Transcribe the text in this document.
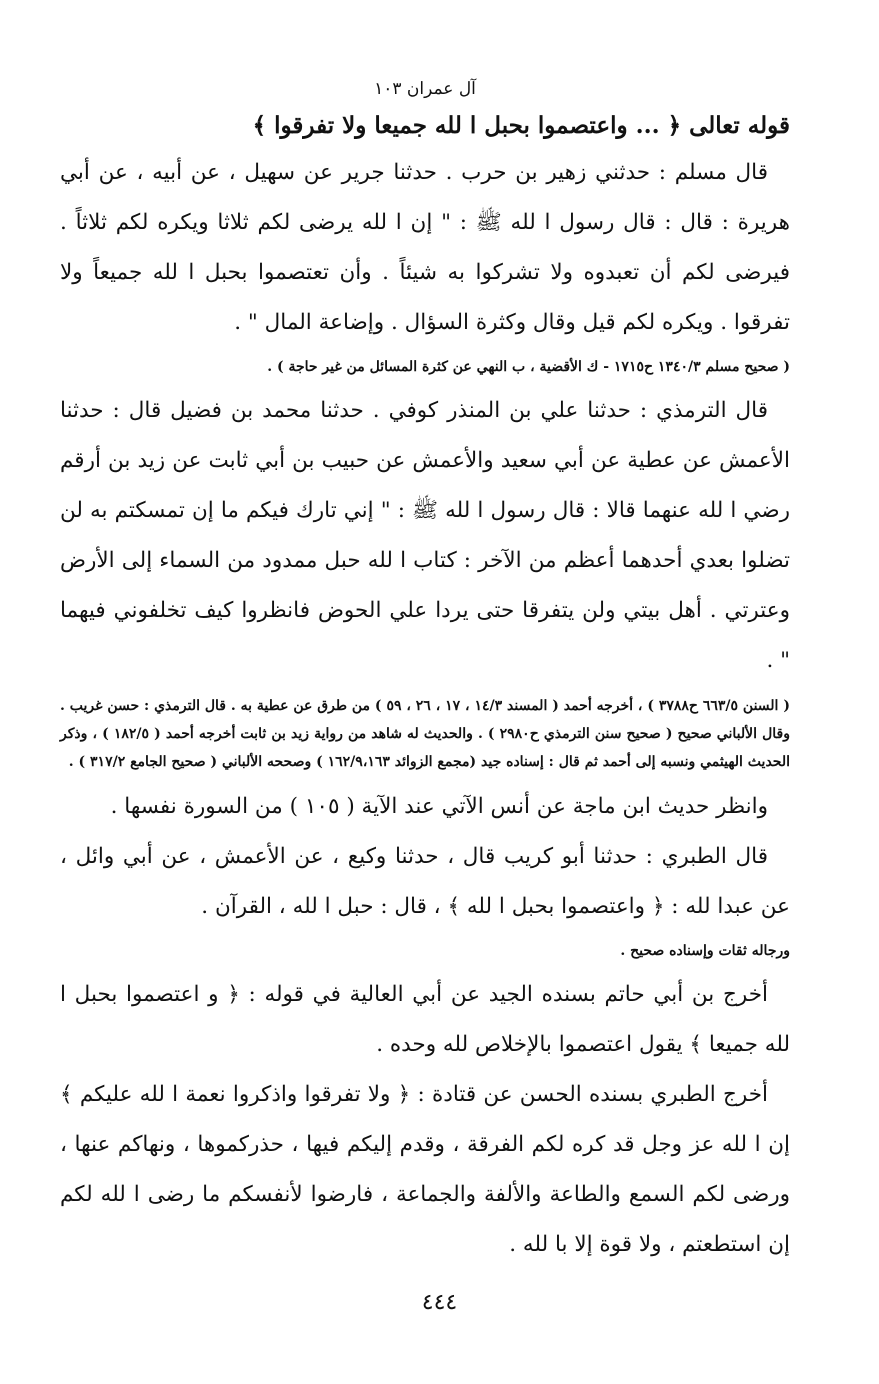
آل عمران ١٠٣
قوله تعالى ﴿ ... واعتصموا بحبل ا لله جميعا ولا تفرقوا ﴾

قال مسلم : حدثني زهير بن حرب . حدثنا جرير عن سهيل ، عن أبيه ، عن أبي هريرة : قال : قال رسول ا لله ﷺ : " إن ا لله يرضى لكم ثلاثا ويكره لكم ثلاثاً . فيرضى لكم أن تعبدوه ولا تشركوا به شيئاً . وأن تعتصموا بحبل ا لله جميعاً ولا تفرقوا . ويكره لكم قيل وقال وكثرة السؤال . وإضاعة المال " .

( صحيح مسلم ١٣٤٠/٣ ح١٧١٥ - ك الأقضية ، ب النهي عن كثرة المسائل من غير حاجة ) .

قال الترمذي : حدثنا علي بن المنذر كوفي . حدثنا محمد بن فضيل قال : حدثنا الأعمش عن عطية عن أبي سعيد والأعمش عن حبيب بن أبي ثابت عن زيد بن أرقم رضي ا لله عنهما قالا : قال رسول ا لله ﷺ : " إني تارك فيكم ما إن تمسكتم به لن تضلوا بعدي أحدهما أعظم من الآخر : كتاب ا لله حبل ممدود من السماء إلى الأرض وعترتي . أهل بيتي ولن يتفرقا حتى يردا علي الحوض فانظروا كيف تخلفوني فيهما " .

( السنن ٦٦٣/٥ ح٣٧٨٨ ) ، أخرجه أحمد ( المسند ١٤/٣ ، ١٧ ، ٢٦ ، ٥٩ ) من طرق عن عطية به . قال الترمذي : حسن غريب . وقال الألباني صحيح ( صحيح سنن الترمذي ح٢٩٨٠ ) . والحديث له شاهد من رواية زيد بن ثابت أخرجه أحمد ( ١٨٢/٥ ) ، وذكر الحديث الهيثمي ونسبه إلى أحمد ثم قال : إسناده جيد (مجمع الزوائد ١٦٢/٩،١٦٣ ) وصححه الألباني ( صحيح الجامع ٣١٧/٢ ) .

وانظر حديث ابن ماجة عن أنس الآتي عند الآية ( ١٠٥ ) من السورة نفسها .

قال الطبري : حدثنا أبو كريب قال ، حدثنا وكيع ، عن الأعمش ، عن أبي وائل ، عن عبدا لله : ﴿ واعتصموا بحبل ا لله ﴾ ، قال : حبل ا لله ، القرآن .

ورجاله ثقات وإسناده صحيح .

أخرج بن أبي حاتم بسنده الجيد عن أبي العالية في قوله : ﴿ و اعتصموا بحبل ا لله جميعا ﴾ يقول اعتصموا بالإخلاص لله وحده .

أخرج الطبري بسنده الحسن عن قتادة : ﴿ ولا تفرقوا واذكروا نعمة ا لله عليكم ﴾ إن ا لله عز وجل قد كره لكم الفرقة ، وقدم إليكم فيها ، حذركموها ، ونهاكم عنها ، ورضى لكم السمع والطاعة والألفة والجماعة ، فارضوا لأنفسكم ما رضى ا لله لكم إن استطعتم ، ولا قوة إلا با لله .

٤٤٤
